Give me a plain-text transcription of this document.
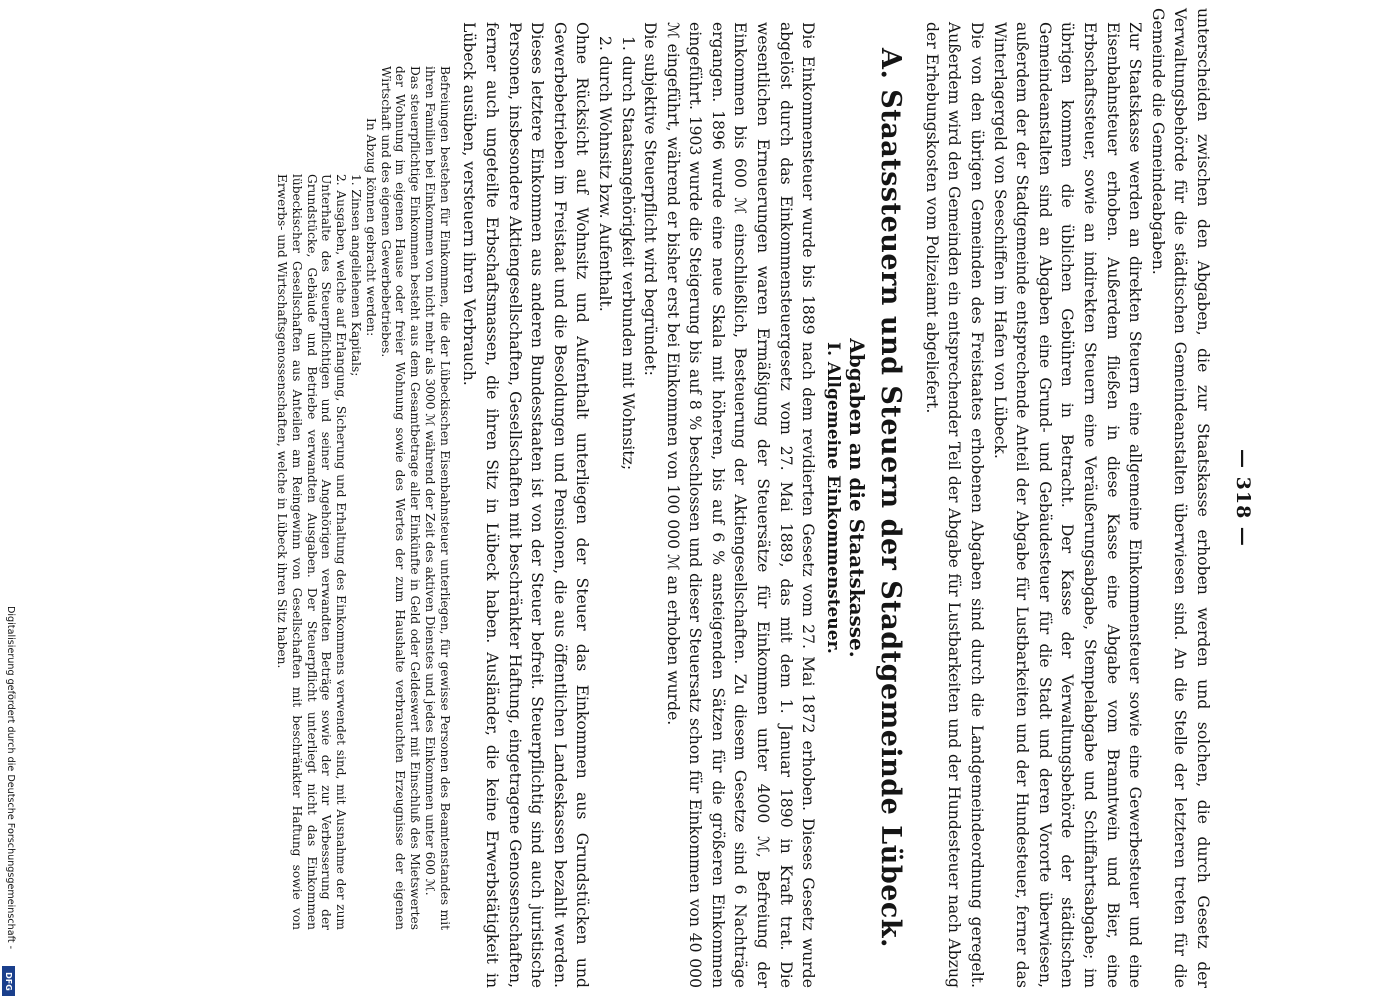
— 318 —

unterscheiden zwischen den Abgaben, die zur Staatskasse erhoben werden und solchen, die durch Gesetz der Verwaltungsbehörde für die städtischen Gemeindeanstalten überwiesen sind. An die Stelle der letzteren treten für die Gemeinde die Gemeindeabgaben.

Zur Staatskasse werden an direkten Steuern eine allgemeine Einkommensteuer sowie eine Gewerbesteuer und eine Eisenbahnsteuer erhoben. Außerdem fließen in diese Kasse eine Abgabe vom Branntwein und Bier, eine Erbschaftssteuer, sowie an indirekten Steuern eine Veräußerungsabgabe, Stempelabgabe und Schiffahrtsabgabe; im übrigen kommen die üblichen Gebühren in Betracht. Der Kasse der Verwaltungsbehörde der städtischen Gemeindeanstalten sind an Abgaben eine Grund- und Gebäudesteuer für die Stadt und deren Vororte überwiesen, außerdem der der Stadtgemeinde entsprechende Anteil der Abgabe für Lustbarkeiten und der Hundesteuer, ferner das Winterlagergeld von Seeschiffen im Hafen von Lübeck.

Die von den übrigen Gemeinden des Freistaates erhobenen Abgaben sind durch die Landgemeindeordnung geregelt. Außerdem wird den Gemeinden ein entsprechender Teil der Abgabe für Lustbarkeiten und der Hundesteuer nach Abzug der Erhebungskosten vom Polizeiamt abgeliefert.

A. Staatssteuern und Steuern der Stadtgemeinde Lübeck.
Abgaben an die Staatskasse.
I. Allgemeine Einkommensteuer.

Die Einkommensteuer wurde bis 1889 nach dem revidierten Gesetz vom 27. Mai 1872 erhoben. Dieses Gesetz wurde abgelöst durch das Einkommensteuergesetz vom 27. Mai 1889, das mit dem 1. Januar 1890 in Kraft trat. Die wesentlichen Erneuerungen waren Ermäßigung der Steuersätze für Einkommen unter 4000 ℳ, Befreiung der Einkommen bis 600 ℳ einschließlich, Besteuerung der Aktiengesellschaften. Zu diesem Gesetze sind 6 Nachträge ergangen. 1896 wurde eine neue Skala mit höheren, bis auf 6 % ansteigenden Sätzen für die größeren Einkommen eingeführt. 1903 wurde die Steigerung bis auf 8 % beschlossen und dieser Steuersatz schon für Einkommen von 40 000 ℳ eingeführt, während er bisher erst bei Einkommen von 100 000 ℳ an erhoben wurde.

Die subjektive Steuerpflicht wird begründet:

1. durch Staatsangehörigkeit verbunden mit Wohnsitz;

2. durch Wohnsitz bzw. Aufenthalt.

Ohne Rücksicht auf Wohnsitz und Aufenthalt unterliegen der Steuer das Einkommen aus Grundstücken und Gewerbebetrieben im Freistaat und die Besoldungen und Pensionen, die aus öffentlichen Landeskassen bezahlt werden. Dieses letztere Einkommen aus anderen Bundesstaaten ist von der Steuer befreit. Steuerpflichtig sind auch juristische Personen, insbesondere Aktiengesellschaften, Gesellschaften mit beschränkter Haftung, eingetragene Genossenschaften, ferner auch ungeteilte Erbschaftsmassen, die ihren Sitz in Lübeck haben. Ausländer, die keine Erwerbstätigkeit in Lübeck ausüben, versteuern ihren Verbrauch.

Befreiungen bestehen für Einkommen, die der Lübeckischen Eisenbahnsteuer unterliegen, für gewisse Personen des Beamtenstandes mit ihren Familien bei Einkommen von nicht mehr als 3000 ℳ während der Zeit des aktiven Dienstes und jedes Einkommen unter 600 ℳ.

Das steuerpflichtige Einkommen besteht aus dem Gesamtbetrage aller Einkünfte in Geld oder Geldeswert mit Einschluß des Mietswertes der Wohnung im eigenen Hause oder freier Wohnung sowie des Wertes der zum Haushalte verbrauchten Erzeugnisse der eigenen Wirtschaft und des eigenen Gewerbebetriebes.

In Abzug können gebracht werden:

1. Zinsen angeliehenen Kapitals;

2. Ausgaben, welche auf Erlangung, Sicherung und Erhaltung des Einkommens verwendet sind, mit Ausnahme der zum Unterhalte des Steuerpflichtigen und seiner Angehörigen verwandten Beträge sowie der zur Verbesserung der Grundstücke, Gebäude und Betriebe verwandten Ausgaben. Der Steuerpflicht unterliegt nicht das Einkommen lübeckischer Gesellschaften aus Anteilen am Reingewinn von Gesellschaften mit beschränkter Haftung sowie von Erwerbs- und Wirtschaftsgenossenschaften, welche in Lübeck ihren Sitz haben.

Digitalisierung gefördert durch die Deutsche Forschungsgemeinschaft -
DFG
